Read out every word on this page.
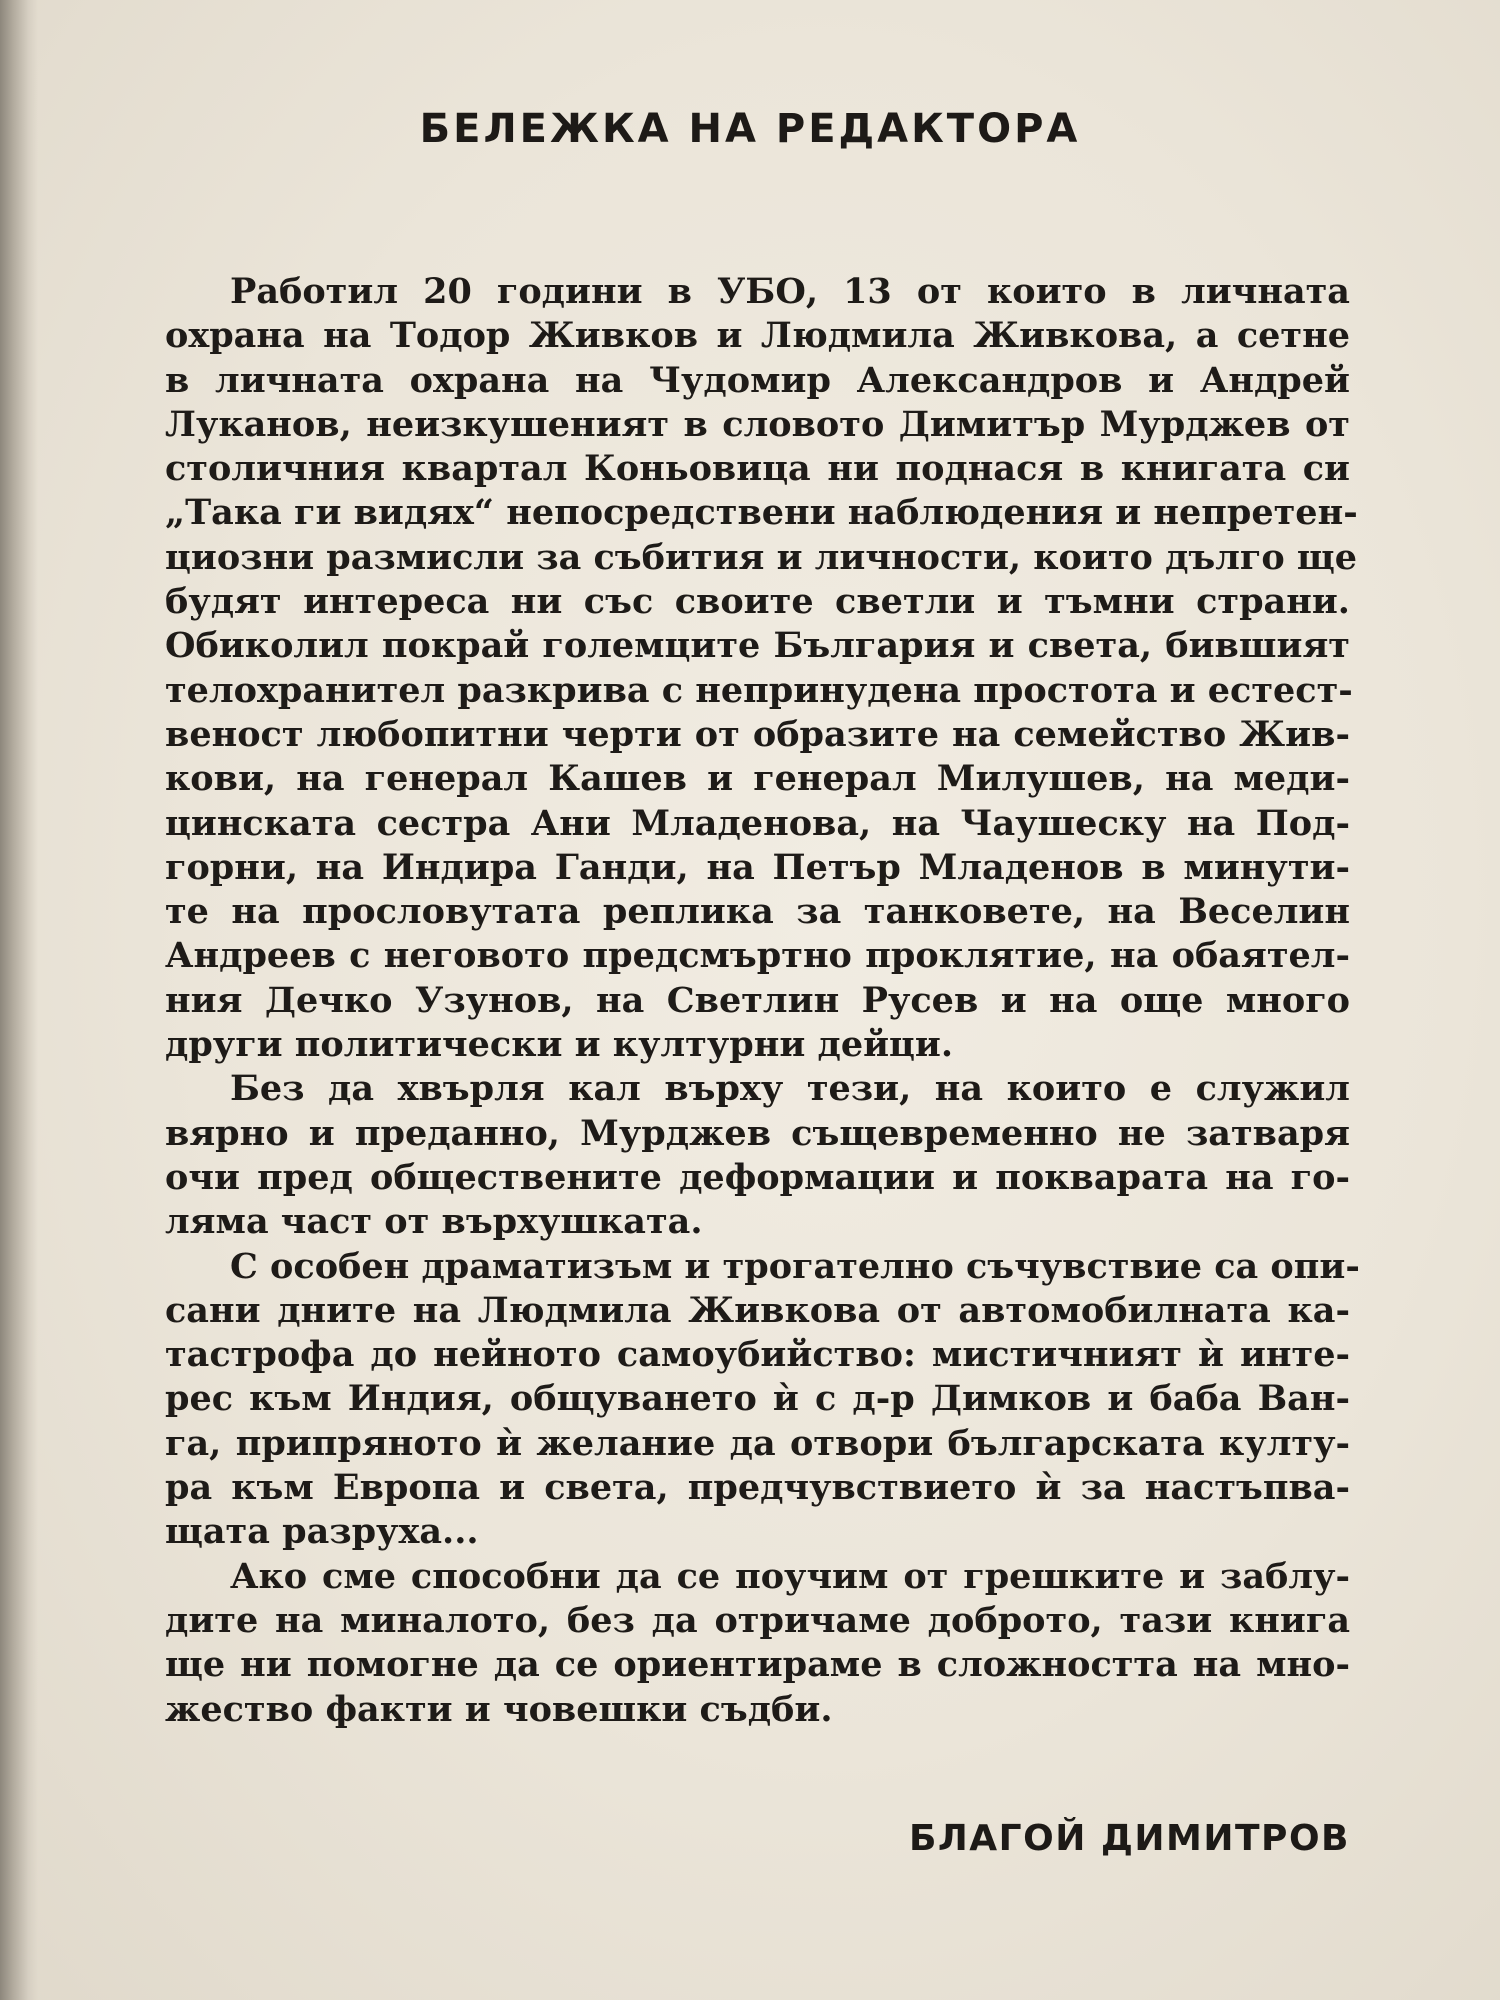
БЕЛЕЖКА НА РЕДАКТОРА
Работил 20 години в УБО, 13 от които в личната
охрана на Тодор Живков и Людмила Живкова, а сетне
в личната охрана на Чудомир Александров и Андрей
Луканов, неизкушеният в словото Димитър Мурджев от
столичния квартал Коньовица ни поднася в книгата си
„Така ги видях“ непосредствени наблюдения и непретен-
циозни размисли за събития и личности, които дълго ще
будят интереса ни със своите светли и тъмни страни.
Обиколил покрай големците България и света, бившият
телохранител разкрива с непринудена простота и естест-
веност любопитни черти от образите на семейство Жив-
кови, на генерал Кашев и генерал Милушев, на меди-
цинската сестра Ани Младенова, на Чаушеску на Под-
горни, на Индира Ганди, на Петър Младенов в минути-
те на прословутата реплика за танковете, на Веселин
Андреев с неговото предсмъртно проклятие, на обаятел-
ния Дечко Узунов, на Светлин Русев и на още много
други политически и културни дейци.
Без да хвърля кал върху тези, на които е служил
вярно и преданно, Мурджев същевременно не затваря
очи пред обществените деформации и покварата на го-
ляма част от върхушката.
С особен драматизъм и трогателно съчувствие са опи-
сани дните на Людмила Живкова от автомобилната ка-
тастрофа до нейното самоубийство: мистичният ѝ инте-
рес към Индия, общуването ѝ с д-р Димков и баба Ван-
га, припряното ѝ желание да отвори българската култу-
ра към Европа и света, предчувствието ѝ за настъпва-
щата разруха...
Ако сме способни да се поучим от грешките и заблу-
дите на миналото, без да отричаме доброто, тази книга
ще ни помогне да се ориентираме в сложността на мно-
жество факти и човешки съдби.
БЛАГОЙ ДИМИТРОВ
